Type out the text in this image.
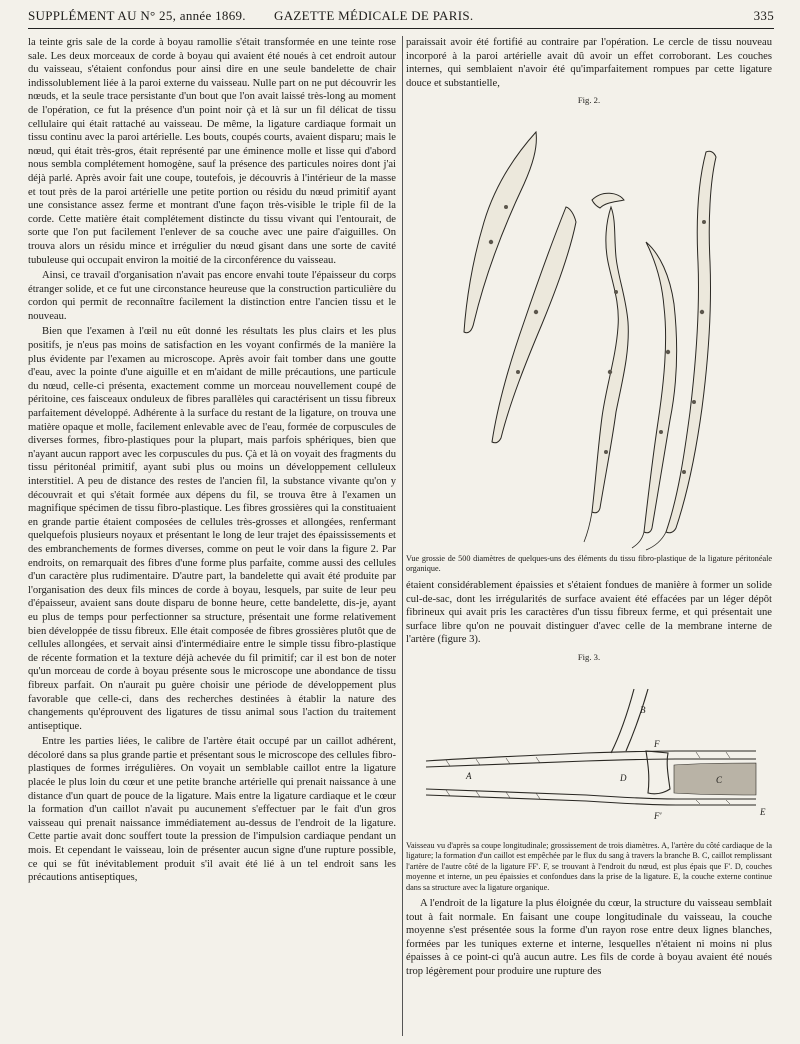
SUPPLÉMENT AU N° 25, année 1869. GAZETTE MÉDICALE DE PARIS.	335

la teinte gris sale de la corde à boyau ramollie s'était transformée en une teinte rose sale. Les deux morceaux de corde à boyau qui avaient été noués à cet endroit autour du vaisseau, s'étaient confondus pour ainsi dire en une seule bandelette de chair indissolublement liée à la paroi externe du vaisseau. Nulle part on ne put découvrir les nœuds, et la seule trace persistante d'un bout que l'on avait laissé très-long au moment de l'opération, ce fut la présence d'un point noir çà et là sur un fil délicat de tissu cellulaire qui était rattaché au vaisseau. De même, la ligature cardiaque formait un tissu continu avec la paroi artérielle. Les bouts, coupés courts, avaient disparu; mais le nœud, qui était très-gros, était représenté par une éminence molle et lisse qui d'abord nous sembla complétement homogène, sauf la présence des particules noires dont j'ai déjà parlé. Après avoir fait une coupe, toutefois, je découvris à l'intérieur de la masse et tout près de la paroi artérielle une petite portion ou résidu du nœud primitif ayant une consistance assez ferme et montrant d'une façon très-visible le triple fil de la corde. Cette matière était complétement distincte du tissu vivant qui l'entourait, de sorte que l'on put facilement l'enlever de sa couche avec une paire d'aiguilles. On trouva alors un résidu mince et irrégulier du nœud gisant dans une sorte de cavité tubuleuse qui occupait environ la moitié de la circonférence du vaisseau.

Ainsi, ce travail d'organisation n'avait pas encore envahi toute l'épaisseur du corps étranger solide, et ce fut une circonstance heureuse que la construction particulière du cordon qui permit de reconnaître facilement la distinction entre l'ancien tissu et le nouveau.

Bien que l'examen à l'œil nu eût donné les résultats les plus clairs et les plus positifs, je n'eus pas moins de satisfaction en les voyant confirmés de la manière la plus évidente par l'examen au microscope. Après avoir fait tomber dans une goutte d'eau, avec la pointe d'une aiguille et en m'aidant de mille précautions, une particule du nœud, celle-ci présenta, exactement comme un morceau nouvellement coupé de péritoine, ces faisceaux onduleux de fibres parallèles qui caractérisent un tissu fibreux parfaitement développé. Adhérente à la surface du restant de la ligature, on trouva une matière opaque et molle, facilement enlevable avec de l'eau, formée de corpuscules de diverses formes, fibro-plastiques pour la plupart, mais parfois sphériques, bien que n'ayant aucun rapport avec les corpuscules du pus. Çà et là on voyait des fragments du tissu péritonéal primitif, ayant subi plus ou moins un développement celluleux interstitiel. A peu de distance des restes de l'ancien fil, la substance vivante qu'on y découvrait et qui s'était formée aux dépens du fil, se trouva être à l'examen un magnifique spécimen de tissu fibro-plastique. Les fibres grossières qui la constituaient en grande partie étaient composées de cellules très-grosses et allongées, renfermant quelquefois plusieurs noyaux et présentant le long de leur trajet des épaississements et des embranchements de formes diverses, comme on peut le voir dans la figure 2. Par endroits, on remarquait des fibres d'une forme plus parfaite, comme aussi des cellules d'un caractère plus rudimentaire. D'autre part, la bandelette qui avait été produite par l'organisation des deux fils minces de corde à boyau, lesquels, par suite de leur peu d'épaisseur, avaient sans doute disparu de bonne heure, cette bandelette, dis-je, ayant eu plus de temps pour perfectionner sa structure, présentait une forme relativement bien développée de tissu fibreux. Elle était composée de fibres grossières plutôt que de cellules allongées, et servait ainsi d'intermédiaire entre le simple tissu fibro-plastique de récente formation et la texture déjà achevée du fil primitif; car il est bon de noter qu'un morceau de corde à boyau présente sous le microscope une abondance de tissu fibreux parfait. On n'aurait pu guère choisir une période de développement plus favorable que celle-ci, dans des recherches destinées à établir la nature des changements qu'éprouvent des ligatures de tissu animal sous l'action du traitement antiseptique.

Entre les parties liées, le calibre de l'artère était occupé par un caillot adhérent, décoloré dans sa plus grande partie et présentant sous le microscope des cellules fibro-plastiques de formes irrégulières. On voyait un semblable caillot entre la ligature placée le plus loin du cœur et une petite branche artérielle qui prenait naissance à une distance d'un quart de pouce de la ligature. Mais entre la ligature cardiaque et le cœur la formation d'un caillot n'avait pu aucunement s'effectuer par le fait d'un gros vaisseau qui prenait naissance immédiatement au-dessus de l'endroit de la ligature. Cette partie avait donc souffert toute la pression de l'impulsion cardiaque pendant un mois. Et cependant le vaisseau, loin de présenter aucun signe d'une rupture possible, ce qui se fût inévitablement produit s'il avait été lié à un tel endroit sans les précautions antiseptiques,

paraissait avoir été fortifié au contraire par l'opération. Le cercle de tissu nouveau incorporé à la paroi artérielle avait dû avoir un effet corroborant. Les couches internes, qui semblaient n'avoir été qu'imparfaitement rompues par cette ligature douce et substantielle,

Fig. 2.
Vue grossie de 500 diamètres de quelques-uns des éléments du tissu fibro-plastique de la ligature péritonéale organique.

étaient considérablement épaissies et s'étaient fondues de manière à former un solide cul-de-sac, dont les irrégularités de surface avaient été effacées par un léger dépôt fibrineux qui avait pris les caractères d'un tissu fibreux ferme, et qui présentait une surface libre qu'on ne pouvait distinguer d'avec celle de la membrane interne de l'artère (figure 3).

Fig. 3.
A
B
C
D
E
F
F'
Vaisseau vu d'après sa coupe longitudinale; grossissement de trois diamètres. A, l'artère du côté cardiaque de la ligature; la formation d'un caillot est empêchée par le flux du sang à travers la branche B. C, caillot remplissant l'artère de l'autre côté de la ligature FF'. F, se trouvant à l'endroit du nœud, est plus épais que F'. D, couches moyenne et interne, un peu épaissies et confondues dans la prise de la ligature. E, la couche externe continue dans sa structure avec la ligature organique.

A l'endroit de la ligature la plus éloignée du cœur, la structure du vaisseau semblait tout à fait normale. En faisant une coupe longitudinale du vaisseau, la couche moyenne s'est présentée sous la forme d'un rayon rose entre deux lignes blanches, formées par les tuniques externe et interne, lesquelles n'étaient ni moins ni plus épaisses à ce point-ci qu'à aucun autre. Les fils de corde à boyau avaient été noués trop légèrement pour produire une rupture des
